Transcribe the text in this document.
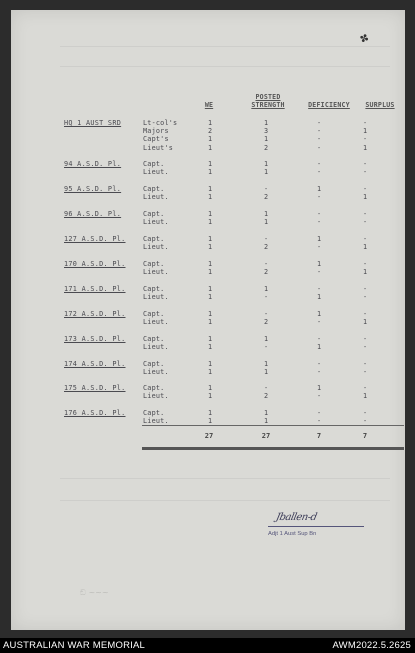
✤
WE
POSTED
STRENGTH	DEFICIENCY	SURPLUS
HQ 1 AUST SRD	Lt-col's	1	1	-	-
Majors	2	3	-	1
Capt's	1	1	-	-
Lieut's	1	2	-	1
94 A.S.D. Pl.	Capt.	1	1	-	-
Lieut.	1	1	-	-
95 A.S.D. Pl.	Capt.	1	-	1	-
Lieut.	1	2	-	1
96 A.S.D. Pl.	Capt.	1	1	-	-
Lieut.	1	1	-	-
127 A.S.D. Pl.	Capt.	1	-	1	-
Lieut.	1	2	-	1
170 A.S.D. Pl.	Capt.	1	-	1	-
Lieut.	1	2	-	1
171 A.S.D. Pl.	Capt.	1	1	-	-
Lieut.	1	-	1	-
172 A.S.D. Pl.	Capt.	1	-	1	-
Lieut.	1	2	-	1
173 A.S.D. Pl.	Capt.	1	1	-	-
Lieut.	1	-	1	-
174 A.S.D. Pl.	Capt.	1	1	-	-
Lieut.	1	1	-	-
175 A.S.D. Pl.	Capt.	1	-	1	-
Lieut.	1	2	-	1
176 A.S.D. Pl.	Capt.	1	1	-	-
Lieut.	1	1	-	-
27	27	7	7
Jballen-d
Adjt 1 Aust Sup Bn
ඞ ~~~
AUSTRALIAN WAR MEMORIAL	AWM2022.5.2625
